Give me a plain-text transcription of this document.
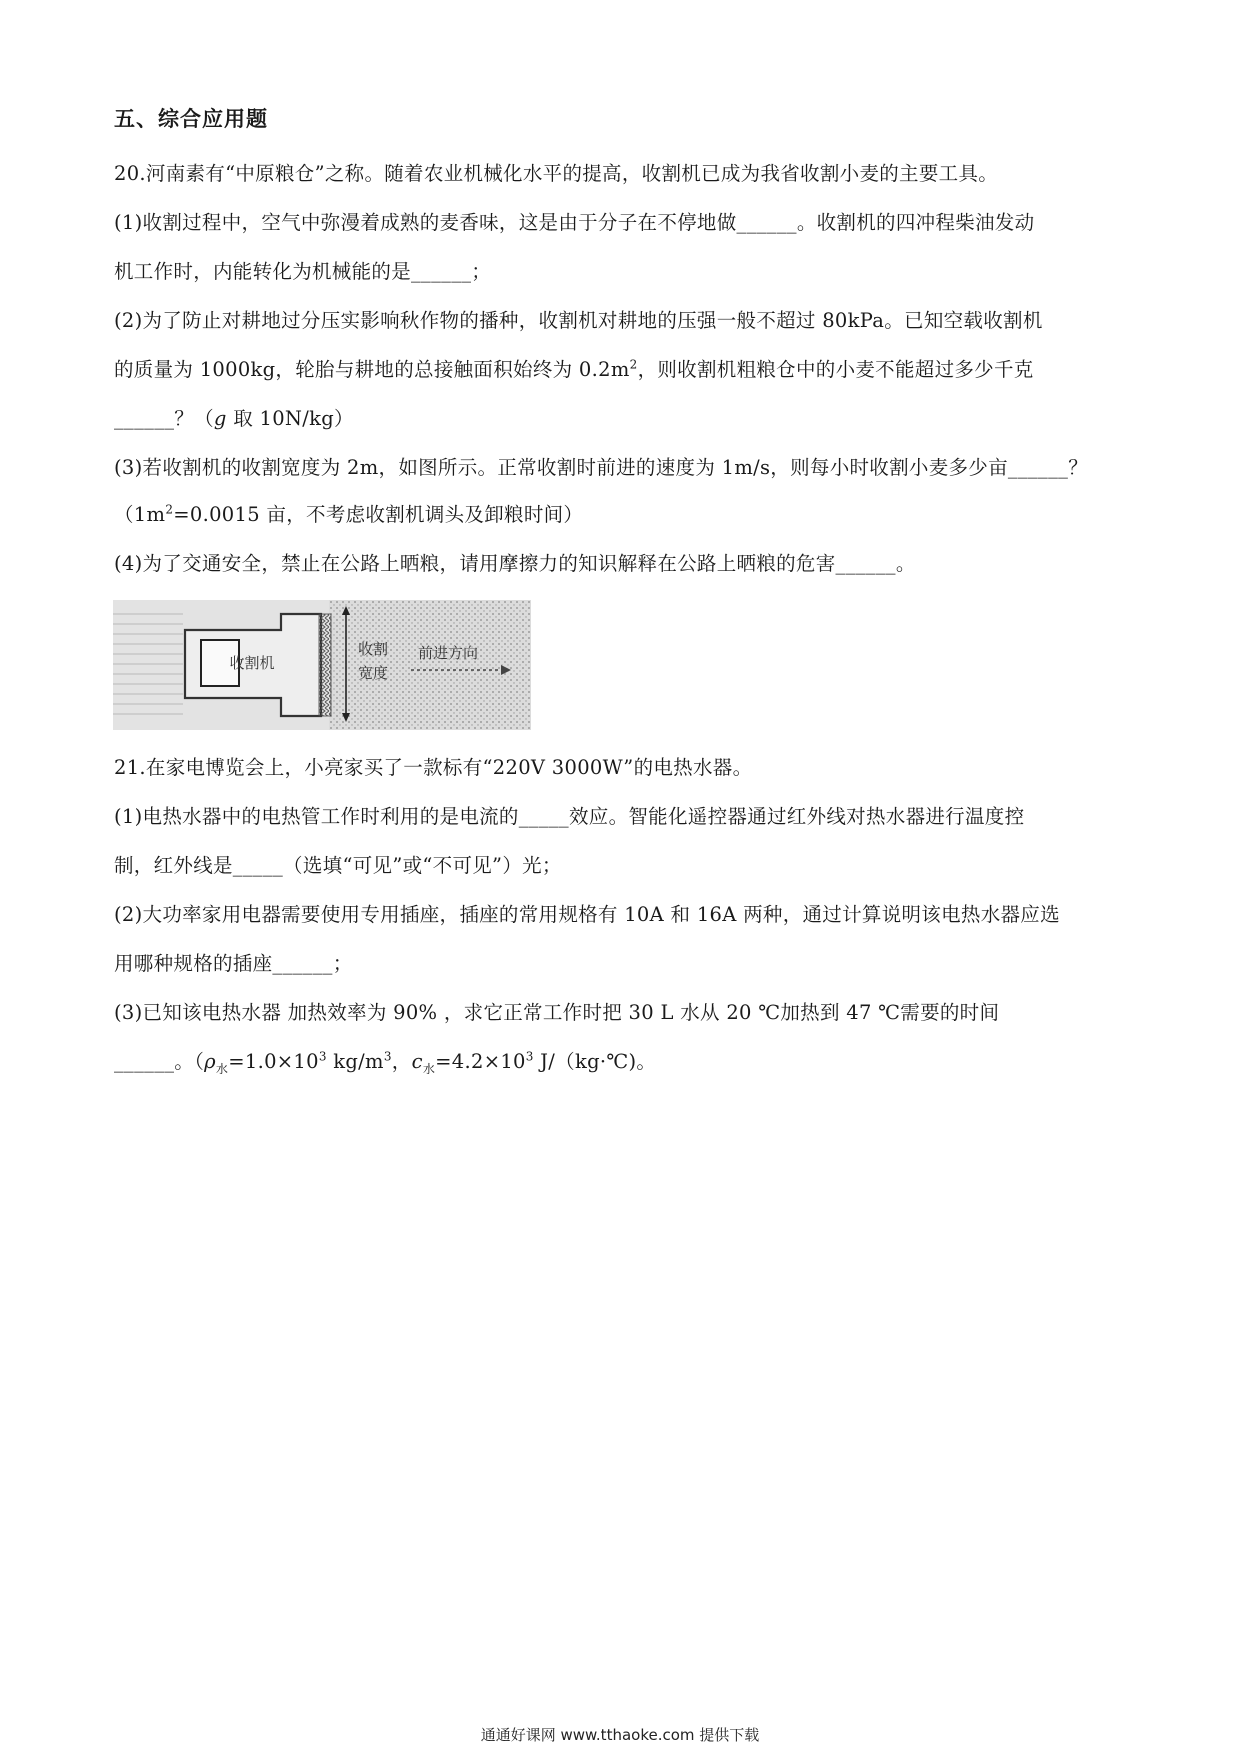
五、综合应用题
20.河南素有“中原粮仓”之称。随着农业机械化水平的提高，收割机已成为我省收割小麦的主要工具。
(1)收割过程中，空气中弥漫着成熟的麦香味，这是由于分子在不停地做______。收割机的四冲程柴油发动
机工作时，内能转化为机械能的是______；
(2)为了防止对耕地过分压实影响秋作物的播种，收割机对耕地的压强一般不超过 80kPa。已知空载收割机
的质量为 1000kg，轮胎与耕地的总接触面积始终为 $0.2m^2$，则收割机粗粮仓中的小麦不能超过多少千克
______？（g 取 10N/kg）
(3)若收割机的收割宽度为 2m，如图所示。正常收割时前进的速度为 1m/s，则每小时收割小麦多少亩______？
（$1m^2=0.0015$ 亩，不考虑收割机调头及卸粮时间）
(4)为了交通安全，禁止在公路上晒粮，请用摩擦力的知识解释在公路上晒粮的危害______。
收割机
收割
宽度
前进方向
21.在家电博览会上，小亮家买了一款标有“220V 3000W”的电热水器。
(1)电热水器中的电热管工作时利用的是电流的_____效应。智能化遥控器通过红外线对热水器进行温度控
制，红外线是_____（选填“可见”或“不可见”）光；
(2)大功率家用电器需要使用专用插座，插座的常用规格有 10A 和 16A 两种，通过计算说明该电热水器应选
用哪种规格的插座______；
(3)已知该电热水器 加热效率为 90% ，求它正常工作时把 30 L 水从 20 ℃加热到 47 ℃需要的时间
______。（$\rho_水=1.0\times 10^3$ $kg/m^3$，$c_水=4.2\times 10^3$ J/（kg·℃)。
通通好课网 www.tthaoke.com 提供下载
